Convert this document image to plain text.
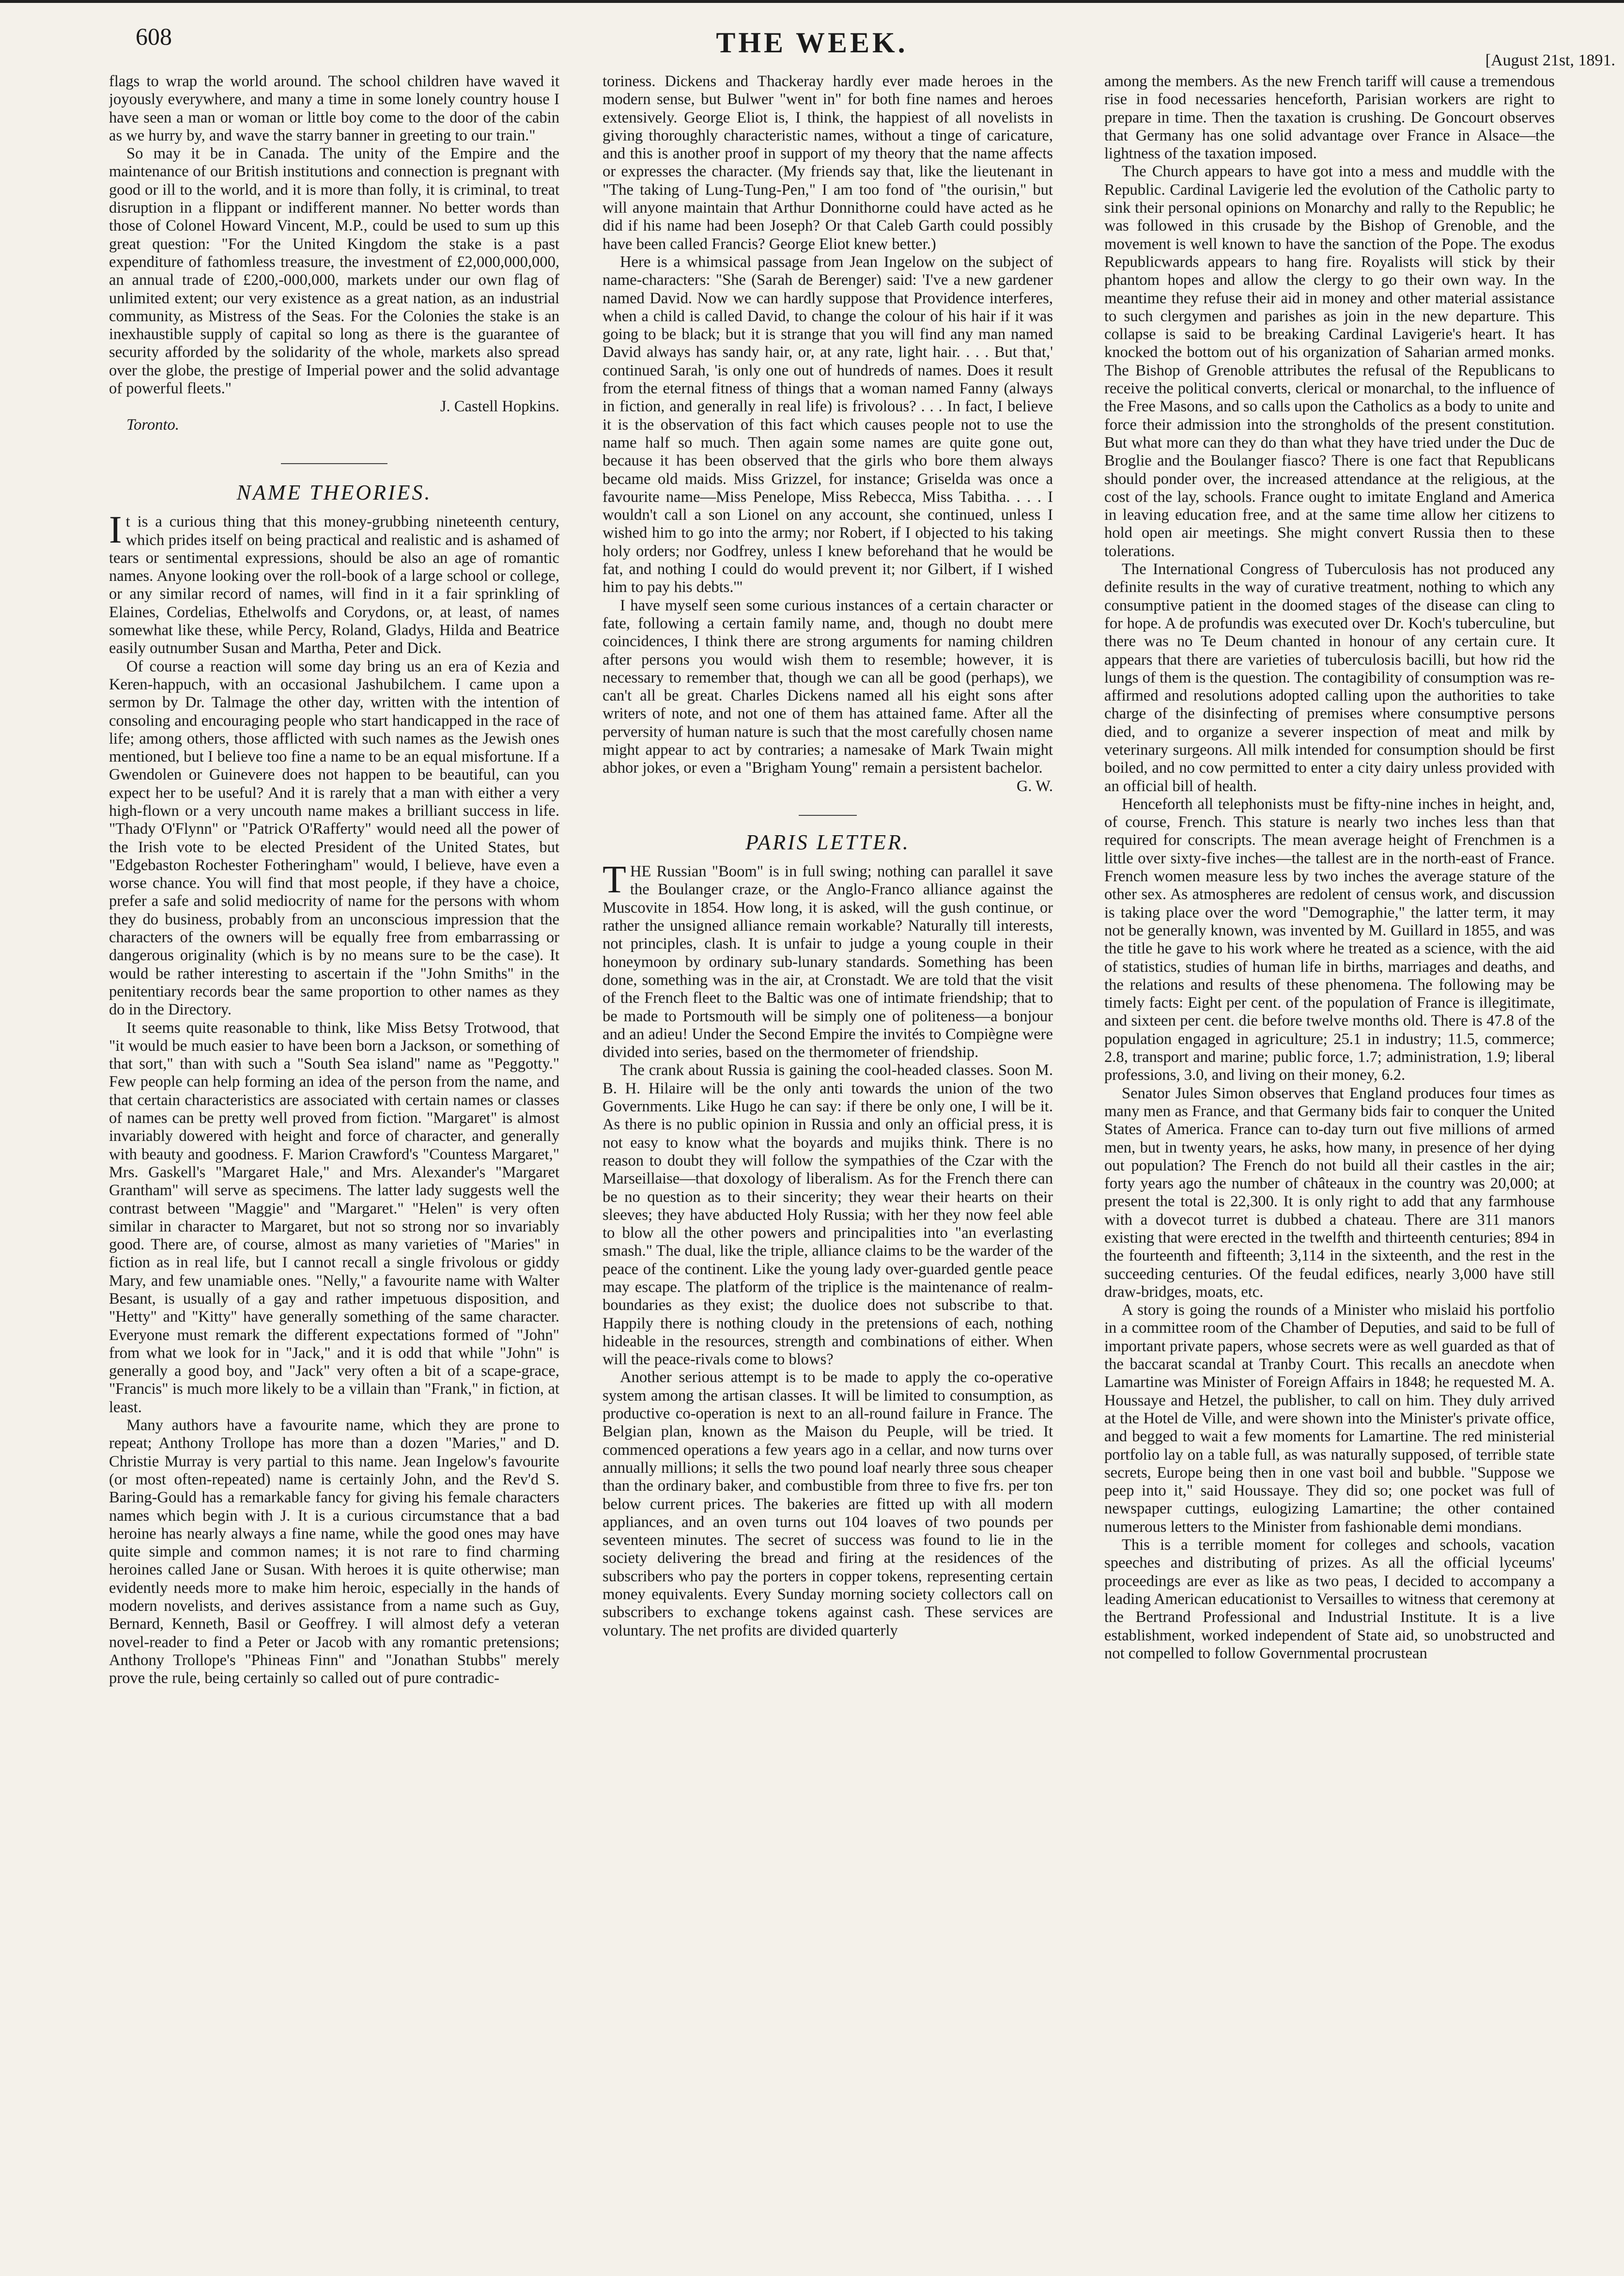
608	THE WEEK.
[August 21st, 1891.

flags to wrap the world around. The school children have waved it joyously everywhere, and many a time in some lonely country house I have seen a man or woman or little boy come to the door of the cabin as we hurry by, and wave the starry banner in greeting to our train."

So may it be in Canada. The unity of the Empire and the maintenance of our British institutions and connection is pregnant with good or ill to the world, and it is more than folly, it is criminal, to treat disruption in a flippant or indifferent manner. No better words than those of Colonel Howard Vincent, M.P., could be used to sum up this great question: "For the United Kingdom the stake is a past expenditure of fathomless treasure, the investment of £2,000,000,000, an annual trade of £200,-000,000, markets under our own flag of unlimited extent; our very existence as a great nation, as an industrial community, as Mistress of the Seas. For the Colonies the stake is an inexhaustible supply of capital so long as there is the guarantee of security afforded by the solidarity of the whole, markets also spread over the globe, the prestige of Imperial power and the solid advantage of powerful fleets."

J. Castell Hopkins.

Toronto.

NAME THEORIES.

It is a curious thing that this money-grubbing nineteenth century, which prides itself on being practical and realistic and is ashamed of tears or sentimental expressions, should be also an age of romantic names. Anyone looking over the roll-book of a large school or college, or any similar record of names, will find in it a fair sprinkling of Elaines, Cordelias, Ethelwolfs and Corydons, or, at least, of names somewhat like these, while Percy, Roland, Gladys, Hilda and Beatrice easily outnumber Susan and Martha, Peter and Dick.

Of course a reaction will some day bring us an era of Kezia and Keren-happuch, with an occasional Jashubilchem. I came upon a sermon by Dr. Talmage the other day, written with the intention of consoling and encouraging people who start handicapped in the race of life; among others, those afflicted with such names as the Jewish ones mentioned, but I believe too fine a name to be an equal misfortune. If a Gwendolen or Guinevere does not happen to be beautiful, can you expect her to be useful? And it is rarely that a man with either a very high-flown or a very uncouth name makes a brilliant success in life. "Thady O'Flynn" or "Patrick O'Rafferty" would need all the power of the Irish vote to be elected President of the United States, but "Edgebaston Rochester Fotheringham" would, I believe, have even a worse chance. You will find that most people, if they have a choice, prefer a safe and solid mediocrity of name for the persons with whom they do business, probably from an unconscious impression that the characters of the owners will be equally free from embarrassing or dangerous originality (which is by no means sure to be the case). It would be rather interesting to ascertain if the "John Smiths" in the penitentiary records bear the same proportion to other names as they do in the Directory.

It seems quite reasonable to think, like Miss Betsy Trotwood, that "it would be much easier to have been born a Jackson, or something of that sort," than with such a "South Sea island" name as "Peggotty." Few people can help forming an idea of the person from the name, and that certain characteristics are associated with certain names or classes of names can be pretty well proved from fiction. "Margaret" is almost invariably dowered with height and force of character, and generally with beauty and goodness. F. Marion Crawford's "Countess Margaret," Mrs. Gaskell's "Margaret Hale," and Mrs. Alexander's "Margaret Grantham" will serve as specimens. The latter lady suggests well the contrast between "Maggie" and "Margaret." "Helen" is very often similar in character to Margaret, but not so strong nor so invariably good. There are, of course, almost as many varieties of "Maries" in fiction as in real life, but I cannot recall a single frivolous or giddy Mary, and few unamiable ones. "Nelly," a favourite name with Walter Besant, is usually of a gay and rather impetuous disposition, and "Hetty" and "Kitty" have generally something of the same character. Everyone must remark the different expectations formed of "John" from what we look for in "Jack," and it is odd that while "John" is generally a good boy, and "Jack" very often a bit of a scape-grace, "Francis" is much more likely to be a villain than "Frank," in fiction, at least.

Many authors have a favourite name, which they are prone to repeat; Anthony Trollope has more than a dozen "Maries," and D. Christie Murray is very partial to this name. Jean Ingelow's favourite (or most often-repeated) name is certainly John, and the Rev'd S. Baring-Gould has a remarkable fancy for giving his female characters names which begin with J. It is a curious circumstance that a bad heroine has nearly always a fine name, while the good ones may have quite simple and common names; it is not rare to find charming heroines called Jane or Susan. With heroes it is quite otherwise; man evidently needs more to make him heroic, especially in the hands of modern novelists, and derives assistance from a name such as Guy, Bernard, Kenneth, Basil or Geoffrey. I will almost defy a veteran novel-reader to find a Peter or Jacob with any romantic pretensions; Anthony Trollope's "Phineas Finn" and "Jonathan Stubbs" merely prove the rule, being certainly so called out of pure contradic-

toriness. Dickens and Thackeray hardly ever made heroes in the modern sense, but Bulwer "went in" for both fine names and heroes extensively. George Eliot is, I think, the happiest of all novelists in giving thoroughly characteristic names, without a tinge of caricature, and this is another proof in support of my theory that the name affects or expresses the character. (My friends say that, like the lieutenant in "The taking of Lung-Tung-Pen," I am too fond of "the ourisin," but will anyone maintain that Arthur Donnithorne could have acted as he did if his name had been Joseph? Or that Caleb Garth could possibly have been called Francis? George Eliot knew better.)

Here is a whimsical passage from Jean Ingelow on the subject of name-characters: "She (Sarah de Berenger) said: 'I've a new gardener named David. Now we can hardly suppose that Providence interferes, when a child is called David, to change the colour of his hair if it was going to be black; but it is strange that you will find any man named David always has sandy hair, or, at any rate, light hair. . . . But that,' continued Sarah, 'is only one out of hundreds of names. Does it result from the eternal fitness of things that a woman named Fanny (always in fiction, and generally in real life) is frivolous? . . . In fact, I believe it is the observation of this fact which causes people not to use the name half so much. Then again some names are quite gone out, because it has been observed that the girls who bore them always became old maids. Miss Grizzel, for instance; Griselda was once a favourite name—Miss Penelope, Miss Rebecca, Miss Tabitha. . . . I wouldn't call a son Lionel on any account, she continued, unless I wished him to go into the army; nor Robert, if I objected to his taking holy orders; nor Godfrey, unless I knew beforehand that he would be fat, and nothing I could do would prevent it; nor Gilbert, if I wished him to pay his debts.'"

I have myself seen some curious instances of a certain character or fate, following a certain family name, and, though no doubt mere coincidences, I think there are strong arguments for naming children after persons you would wish them to resemble; however, it is necessary to remember that, though we can all be good (perhaps), we can't all be great. Charles Dickens named all his eight sons after writers of note, and not one of them has attained fame. After all the perversity of human nature is such that the most carefully chosen name might appear to act by contraries; a namesake of Mark Twain might abhor jokes, or even a "Brigham Young" remain a persistent bachelor.

G. W.

PARIS LETTER.

THE Russian "Boom" is in full swing; nothing can parallel it save the Boulanger craze, or the Anglo-Franco alliance against the Muscovite in 1854. How long, it is asked, will the gush continue, or rather the unsigned alliance remain workable? Naturally till interests, not principles, clash. It is unfair to judge a young couple in their honeymoon by ordinary sub-lunary standards. Something has been done, something was in the air, at Cronstadt. We are told that the visit of the French fleet to the Baltic was one of intimate friendship; that to be made to Portsmouth will be simply one of politeness—a bonjour and an adieu! Under the Second Empire the invités to Compiègne were divided into series, based on the thermometer of friendship.

The crank about Russia is gaining the cool-headed classes. Soon M. B. H. Hilaire will be the only anti towards the union of the two Governments. Like Hugo he can say: if there be only one, I will be it. As there is no public opinion in Russia and only an official press, it is not easy to know what the boyards and mujiks think. There is no reason to doubt they will follow the sympathies of the Czar with the Marseillaise—that doxology of liberalism. As for the French there can be no question as to their sincerity; they wear their hearts on their sleeves; they have abducted Holy Russia; with her they now feel able to blow all the other powers and principalities into "an everlasting smash." The dual, like the triple, alliance claims to be the warder of the peace of the continent. Like the young lady over-guarded gentle peace may escape. The platform of the triplice is the maintenance of realm-boundaries as they exist; the duolice does not subscribe to that. Happily there is nothing cloudy in the pretensions of each, nothing hideable in the resources, strength and combinations of either. When will the peace-rivals come to blows?

Another serious attempt is to be made to apply the co-operative system among the artisan classes. It will be limited to consumption, as productive co-operation is next to an all-round failure in France. The Belgian plan, known as the Maison du Peuple, will be tried. It commenced operations a few years ago in a cellar, and now turns over annually millions; it sells the two pound loaf nearly three sous cheaper than the ordinary baker, and combustible from three to five frs. per ton below current prices. The bakeries are fitted up with all modern appliances, and an oven turns out 104 loaves of two pounds per seventeen minutes. The secret of success was found to lie in the society delivering the bread and firing at the residences of the subscribers who pay the porters in copper tokens, representing certain money equivalents. Every Sunday morning society collectors call on subscribers to exchange tokens against cash. These services are voluntary. The net profits are divided quarterly

among the members. As the new French tariff will cause a tremendous rise in food necessaries henceforth, Parisian workers are right to prepare in time. Then the taxation is crushing. De Goncourt observes that Germany has one solid advantage over France in Alsace—the lightness of the taxation imposed.

The Church appears to have got into a mess and muddle with the Republic. Cardinal Lavigerie led the evolution of the Catholic party to sink their personal opinions on Monarchy and rally to the Republic; he was followed in this crusade by the Bishop of Grenoble, and the movement is well known to have the sanction of the Pope. The exodus Republicwards appears to hang fire. Royalists will stick by their phantom hopes and allow the clergy to go their own way. In the meantime they refuse their aid in money and other material assistance to such clergymen and parishes as join in the new departure. This collapse is said to be breaking Cardinal Lavigerie's heart. It has knocked the bottom out of his organization of Saharian armed monks. The Bishop of Grenoble attributes the refusal of the Republicans to receive the political converts, clerical or monarchal, to the influence of the Free Masons, and so calls upon the Catholics as a body to unite and force their admission into the strongholds of the present constitution. But what more can they do than what they have tried under the Duc de Broglie and the Boulanger fiasco? There is one fact that Republicans should ponder over, the increased attendance at the religious, at the cost of the lay, schools. France ought to imitate England and America in leaving education free, and at the same time allow her citizens to hold open air meetings. She might convert Russia then to these tolerations.

The International Congress of Tuberculosis has not produced any definite results in the way of curative treatment, nothing to which any consumptive patient in the doomed stages of the disease can cling to for hope. A de profundis was executed over Dr. Koch's tuberculine, but there was no Te Deum chanted in honour of any certain cure. It appears that there are varieties of tuberculosis bacilli, but how rid the lungs of them is the question. The contagibility of consumption was re-affirmed and resolutions adopted calling upon the authorities to take charge of the disinfecting of premises where consumptive persons died, and to organize a severer inspection of meat and milk by veterinary surgeons. All milk intended for consumption should be first boiled, and no cow permitted to enter a city dairy unless provided with an official bill of health.

Henceforth all telephonists must be fifty-nine inches in height, and, of course, French. This stature is nearly two inches less than that required for conscripts. The mean average height of Frenchmen is a little over sixty-five inches—the tallest are in the north-east of France. French women measure less by two inches the average stature of the other sex. As atmospheres are redolent of census work, and discussion is taking place over the word "Demographie," the latter term, it may not be generally known, was invented by M. Guillard in 1855, and was the title he gave to his work where he treated as a science, with the aid of statistics, studies of human life in births, marriages and deaths, and the relations and results of these phenomena. The following may be timely facts: Eight per cent. of the population of France is illegitimate, and sixteen per cent. die before twelve months old. There is 47.8 of the population engaged in agriculture; 25.1 in industry; 11.5, commerce; 2.8, transport and marine; public force, 1.7; administration, 1.9; liberal professions, 3.0, and living on their money, 6.2.

Senator Jules Simon observes that England produces four times as many men as France, and that Germany bids fair to conquer the United States of America. France can to-day turn out five millions of armed men, but in twenty years, he asks, how many, in presence of her dying out population? The French do not build all their castles in the air; forty years ago the number of châteaux in the country was 20,000; at present the total is 22,300. It is only right to add that any farmhouse with a dovecot turret is dubbed a chateau. There are 311 manors existing that were erected in the twelfth and thirteenth centuries; 894 in the fourteenth and fifteenth; 3,114 in the sixteenth, and the rest in the succeeding centuries. Of the feudal edifices, nearly 3,000 have still draw-bridges, moats, etc.

A story is going the rounds of a Minister who mislaid his portfolio in a committee room of the Chamber of Deputies, and said to be full of important private papers, whose secrets were as well guarded as that of the baccarat scandal at Tranby Court. This recalls an anecdote when Lamartine was Minister of Foreign Affairs in 1848; he requested M. A. Houssaye and Hetzel, the publisher, to call on him. They duly arrived at the Hotel de Ville, and were shown into the Minister's private office, and begged to wait a few moments for Lamartine. The red ministerial portfolio lay on a table full, as was naturally supposed, of terrible state secrets, Europe being then in one vast boil and bubble. "Suppose we peep into it," said Houssaye. They did so; one pocket was full of newspaper cuttings, eulogizing Lamartine; the other contained numerous letters to the Minister from fashionable demi mondians.

This is a terrible moment for colleges and schools, vacation speeches and distributing of prizes. As all the official lyceums' proceedings are ever as like as two peas, I decided to accompany a leading American educationist to Versailles to witness that ceremony at the Bertrand Professional and Industrial Institute. It is a live establishment, worked independent of State aid, so unobstructed and not compelled to follow Governmental procrustean
